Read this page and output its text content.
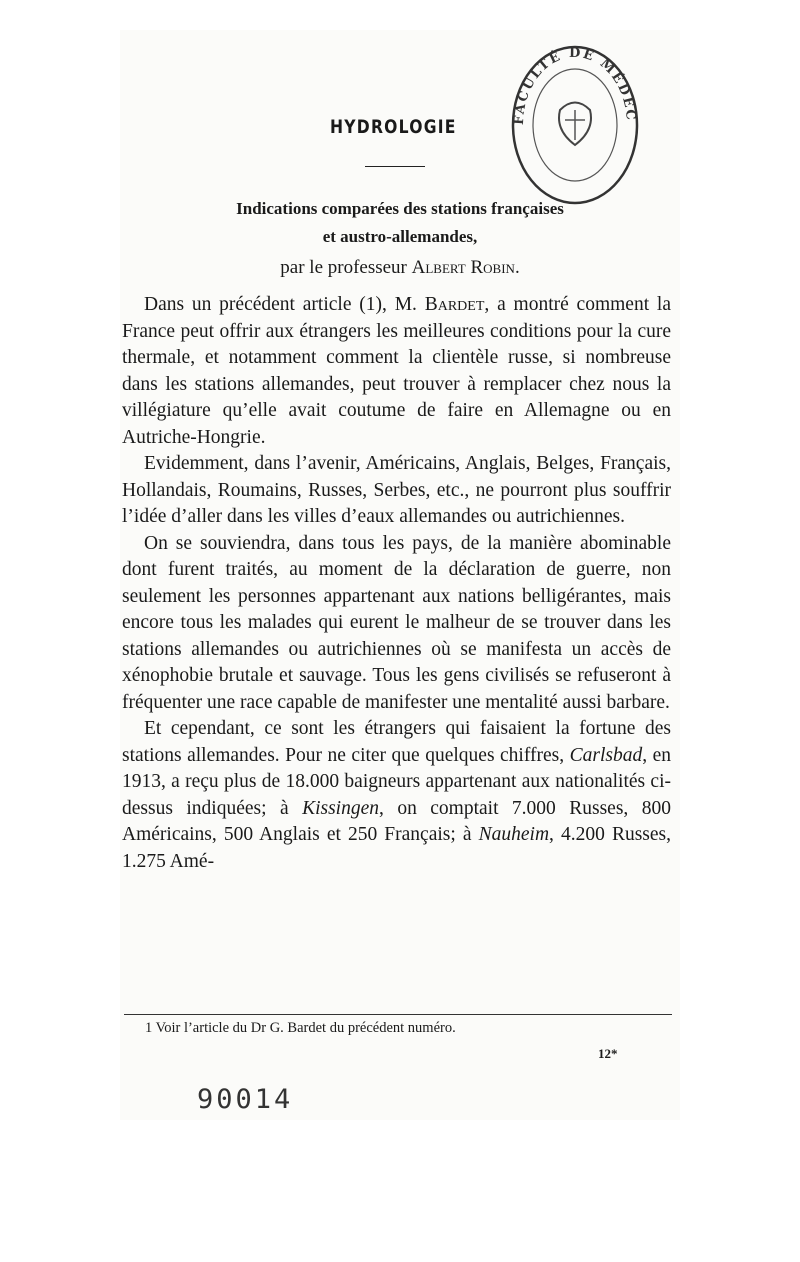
FACULTÉ DE MÉDEC
HYDROLOGIE
Indications comparées des stations françaises
et austro-allemandes,
par le professeur Albert Robin.

Dans un précédent article (1), M. Bardet, a montré comment la France peut offrir aux étrangers les meilleures conditions pour la cure thermale, et notamment comment la clientèle russe, si nombreuse dans les stations allemandes, peut trouver à remplacer chez nous la villégiature qu’elle avait coutume de faire en Allemagne ou en Autriche-Hongrie.

Evidemment, dans l’avenir, Américains, Anglais, Belges, Français, Hollandais, Roumains, Russes, Serbes, etc., ne pourront plus souffrir l’idée d’aller dans les villes d’eaux allemandes ou autrichiennes.

On se souviendra, dans tous les pays, de la manière abominable dont furent traités, au moment de la déclaration de guerre, non seulement les personnes appartenant aux nations belligérantes, mais encore tous les malades qui eurent le malheur de se trouver dans les stations allemandes ou autrichiennes où se manifesta un accès de xénophobie brutale et sauvage. Tous les gens civilisés se refuseront à fréquenter une race capable de manifester une mentalité aussi barbare.

Et cependant, ce sont les étrangers qui faisaient la fortune des stations allemandes. Pour ne citer que quelques chiffres, Carlsbad, en 1913, a reçu plus de 18.000 baigneurs appartenant aux nationalités ci-dessus indiquées; à Kissingen, on comptait 7.000 Russes, 800 Américains, 500 Anglais et 250 Français; à Nauheim, 4.200 Russes, 1.275 Amé-

1 Voir l’article du Dr G. Bardet du précédent numéro.
12*
90014
